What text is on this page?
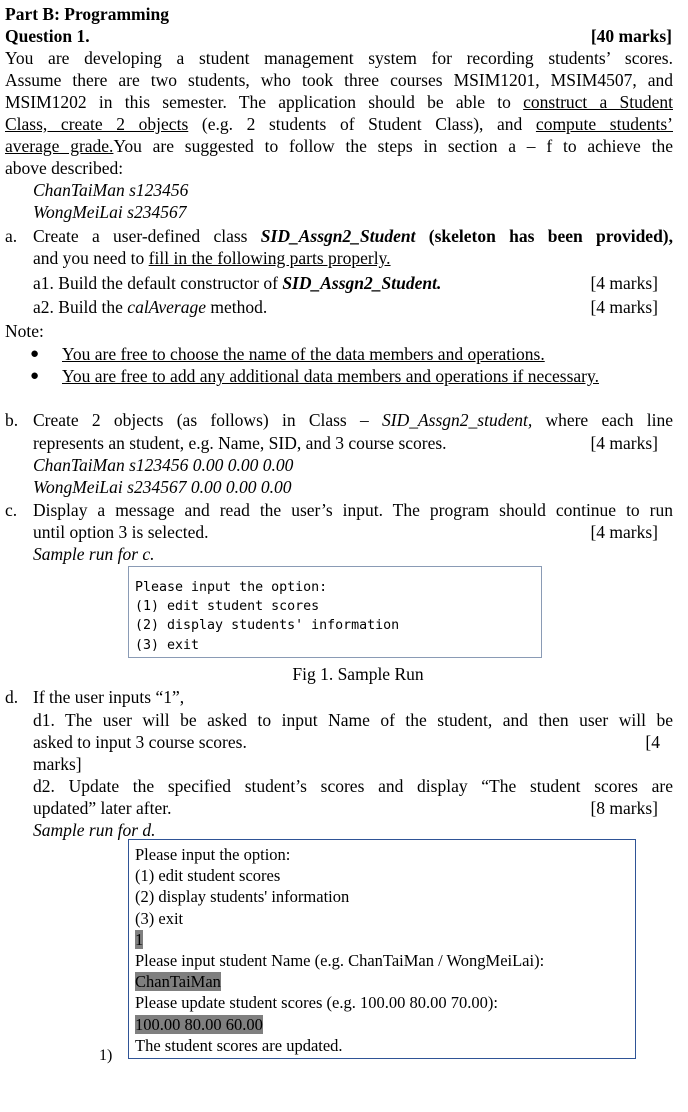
Part B: Programming
Question 1.	[40 marks]
You are developing a student management system for recording students’ scores.
Assume there are two students, who took three courses MSIM1201, MSIM4507, and
MSIM1202 in this semester. The application should be able to construct a Student
Class, create 2 objects (e.g. 2 students of Student Class), and compute students’
average grade.You are suggested to follow the steps in section a – f to achieve the
above described:
ChanTaiMan s123456
WongMeiLai s234567
a. Create a user-defined class SID_Assgn2_Student (skeleton has been provided),
and you need to fill in the following parts properly.
a1. Build the default constructor of SID_Assgn2_Student.	[4 marks]
a2. Build the calAverage method.	[4 marks]
Note:
● You are free to choose the name of the data members and operations.
● You are free to add any additional data members and operations if necessary.
b. Create 2 objects (as follows) in Class – SID_Assgn2_student, where each line
represents an student, e.g. Name, SID, and 3 course scores.	[4 marks]
ChanTaiMan s123456 0.00 0.00 0.00
WongMeiLai s234567 0.00 0.00 0.00
c. Display a message and read the user’s input. The program should continue to run
until option 3 is selected.	[4 marks]
Sample run for c.
Please input the option:
(1) edit student scores
(2) display students' information
(3) exit
Fig 1. Sample Run
d. If the user inputs “1”,
d1. The user will be asked to input Name of the student, and then user will be
asked to input 3 course scores.	[4
marks]
d2. Update the specified student’s scores and display “The student scores are
updated” later after.	[8 marks]
Sample run for d.
Please input the option:
(1) edit student scores
(2) display students' information
(3) exit
1
Please input student Name (e.g. ChanTaiMan / WongMeiLai):
ChanTaiMan
Please update student scores (e.g. 100.00 80.00 70.00):
100.00 80.00 60.00
The student scores are updated.
1)
